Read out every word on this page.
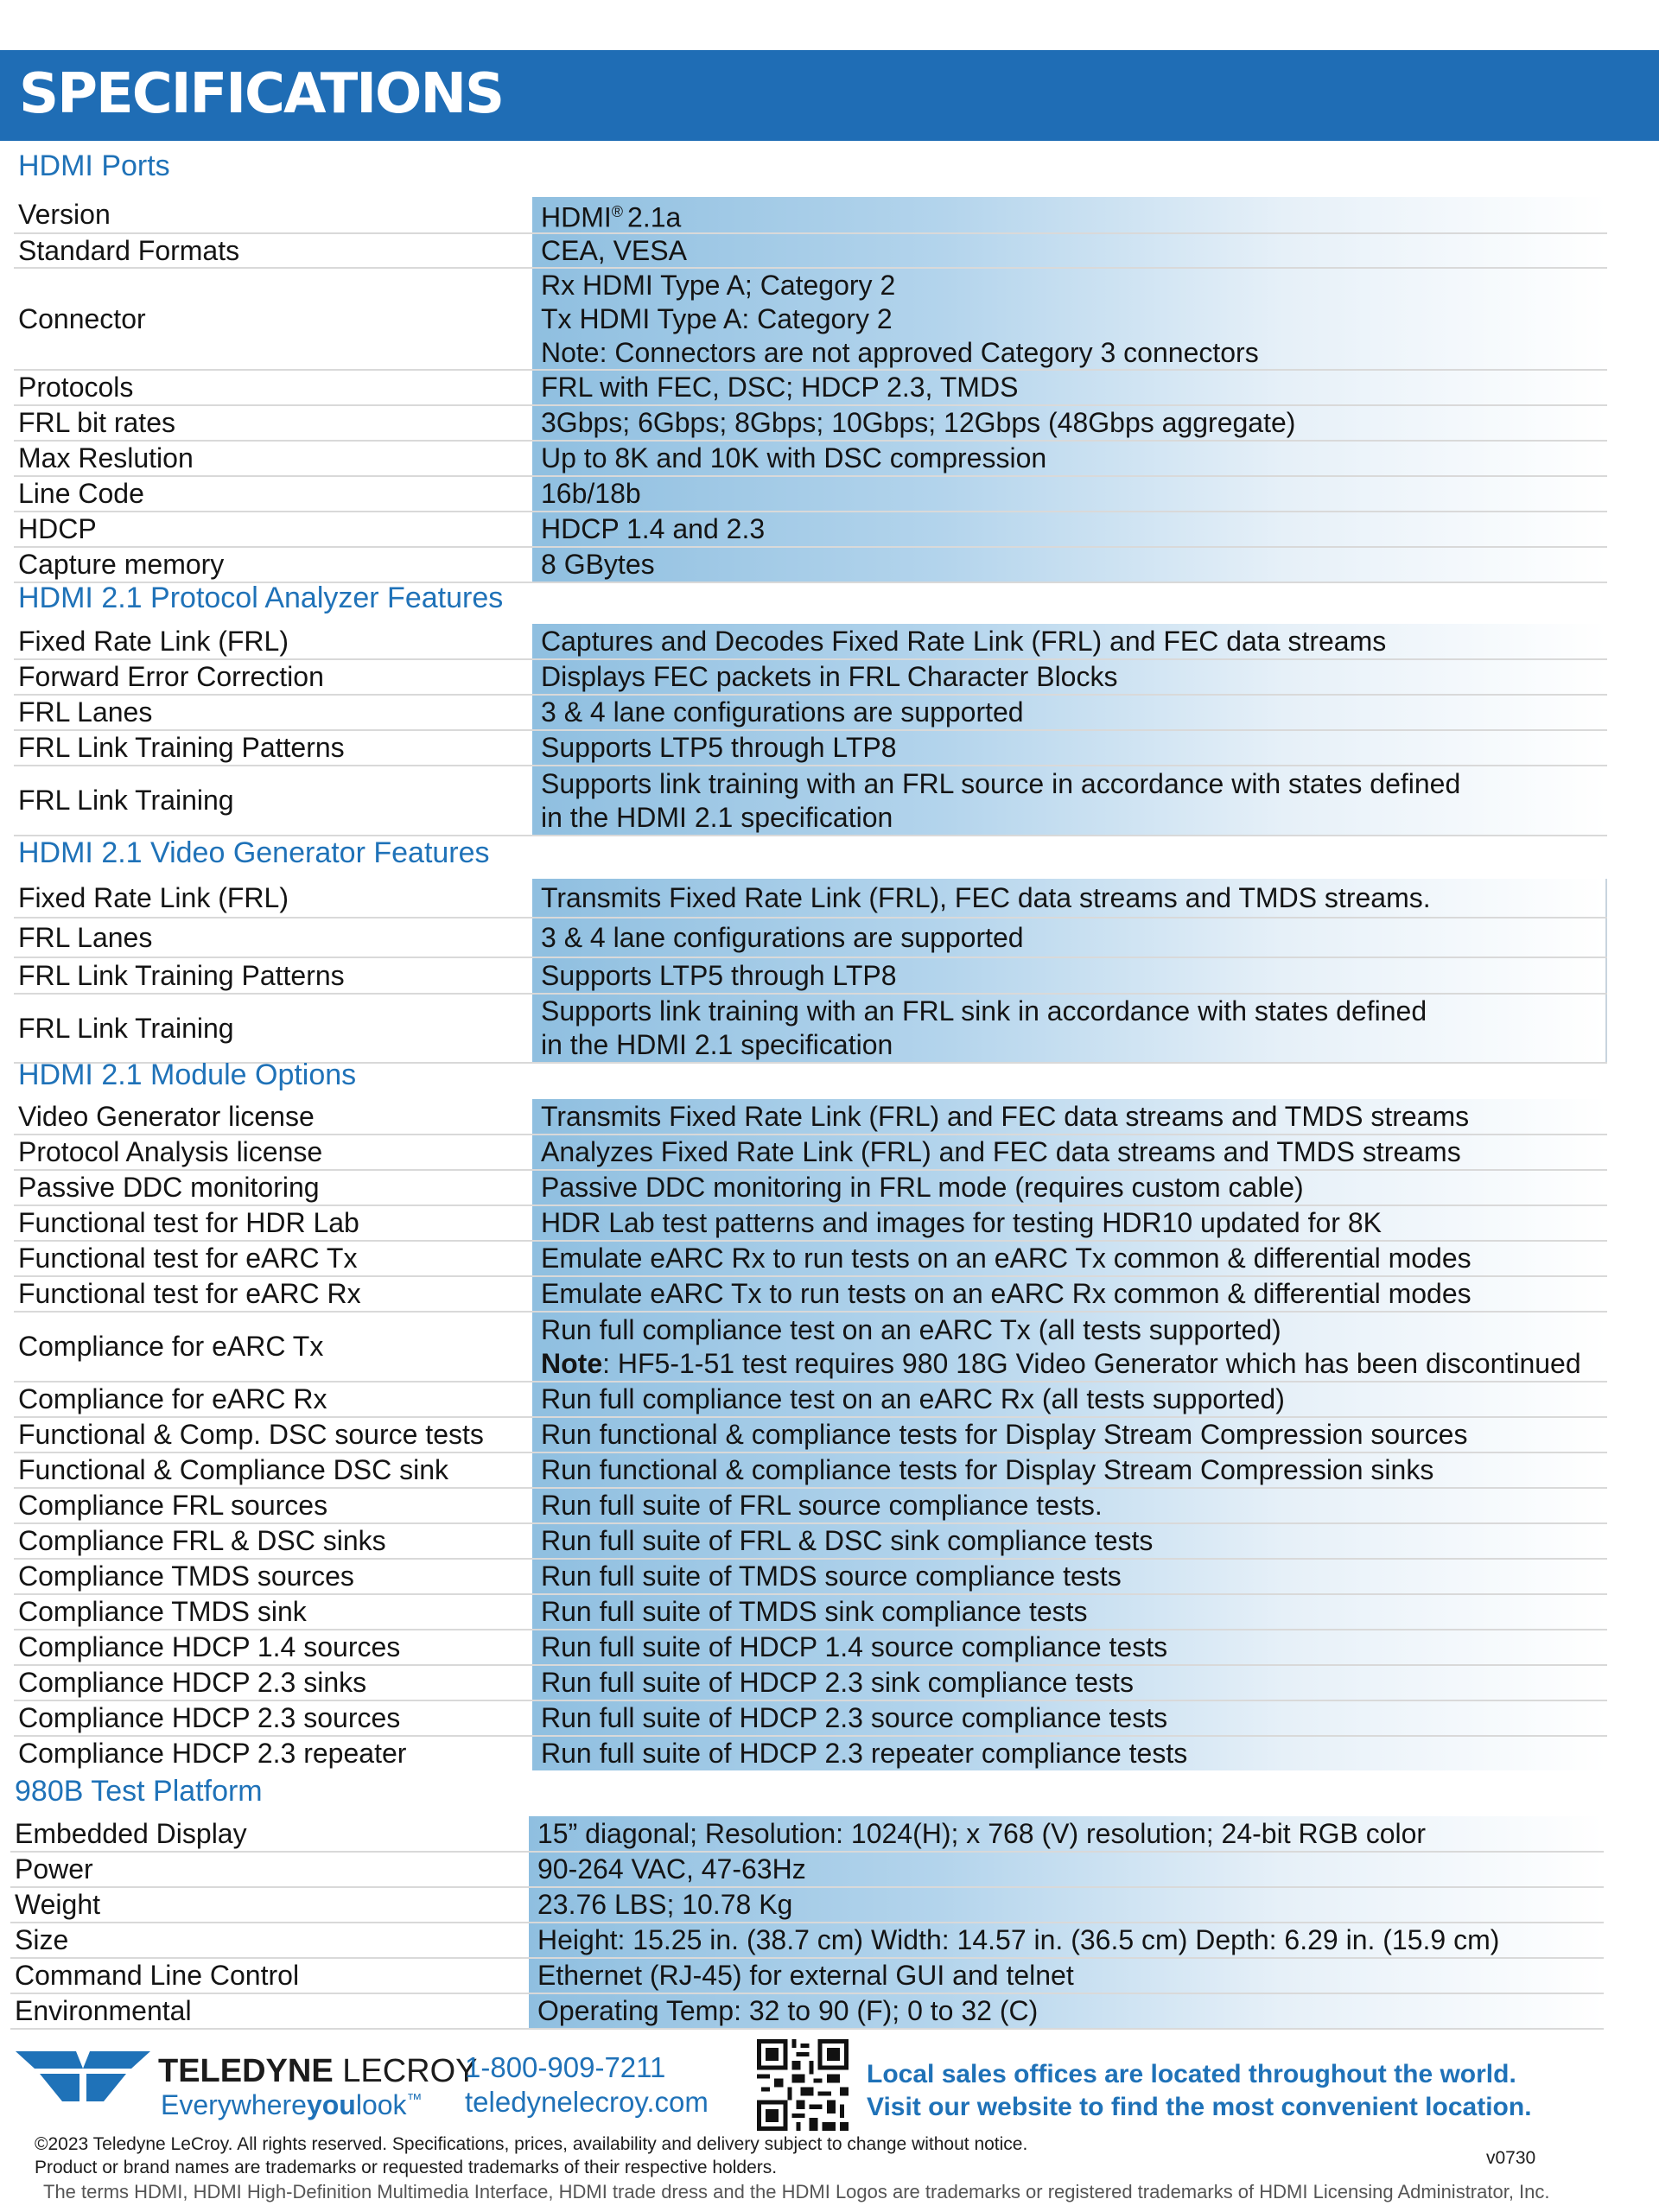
SPECIFICATIONS
HDMI Ports
Version	HDMI® 2.1a
Standard Formats	CEA, VESA
Connector
Rx HDMI Type A; Category 2
Tx HDMI Type A: Category 2
Note: Connectors are not approved Category 3 connectors
Protocols	FRL with FEC, DSC; HDCP 2.3, TMDS
FRL bit rates	3Gbps; 6Gbps; 8Gbps; 10Gbps; 12Gbps (48Gbps aggregate)
Max Reslution	Up to 8K and 10K with DSC compression
Line Code	16b/18b
HDCP	HDCP 1.4 and 2.3
Capture memory	8 GBytes
HDMI 2.1 Protocol Analyzer Features
Fixed Rate Link (FRL)	Captures and Decodes Fixed Rate Link (FRL) and FEC data streams
Forward Error Correction	Displays FEC packets in FRL Character Blocks
FRL Lanes	3 & 4 lane configurations are supported
FRL Link Training Patterns	Supports LTP5 through LTP8
FRL Link Training
Supports link training with an FRL source in accordance with states defined
in the HDMI 2.1 specification
HDMI 2.1 Video Generator Features
Fixed Rate Link (FRL)	Transmits Fixed Rate Link (FRL), FEC data streams and TMDS streams.
FRL Lanes	3 & 4 lane configurations are supported
FRL Link Training Patterns	Supports LTP5 through LTP8
FRL Link Training
Supports link training with an FRL sink in accordance with states defined
in the HDMI 2.1 specification
HDMI 2.1 Module Options
Video Generator license	Transmits Fixed Rate Link (FRL) and FEC data streams and TMDS streams
Protocol Analysis license	Analyzes Fixed Rate Link (FRL) and FEC data streams and TMDS streams
Passive DDC monitoring	Passive DDC monitoring in FRL mode (requires custom cable)
Functional test for HDR Lab	HDR Lab test patterns and images for testing HDR10 updated for 8K
Functional test for eARC Tx	Emulate eARC Rx to run tests on an eARC Tx common & differential modes
Functional test for eARC Rx	Emulate eARC Tx to run tests on an eARC Rx common & differential modes
Compliance for eARC Tx
Run full compliance test on an eARC Tx (all tests supported)
Note: HF5-1-51 test requires 980 18G Video Generator which has been discontinued
Compliance for eARC Rx	Run full compliance test on an eARC Rx (all tests supported)
Functional & Comp. DSC source tests	Run functional & compliance tests for Display Stream Compression sources
Functional & Compliance DSC sink	Run functional & compliance tests for Display Stream Compression sinks
Compliance FRL sources	Run full suite of FRL source compliance tests.
Compliance FRL & DSC sinks	Run full suite of FRL & DSC sink compliance tests
Compliance TMDS sources	Run full suite of TMDS source compliance tests
Compliance TMDS sink	Run full suite of TMDS sink compliance tests
Compliance HDCP 1.4 sources	Run full suite of HDCP 1.4 source compliance tests
Compliance HDCP 2.3 sinks	Run full suite of HDCP 2.3 sink compliance tests
Compliance HDCP 2.3 sources	Run full suite of HDCP 2.3 source compliance tests
Compliance HDCP 2.3 repeater	Run full suite of HDCP 2.3 repeater compliance tests
980B Test Platform
Embedded Display	15” diagonal; Resolution: 1024(H); x 768 (V) resolution; 24-bit RGB color
Power	90-264 VAC, 47-63Hz
Weight	23.76 LBS; 10.78 Kg
Size	Height: 15.25 in. (38.7 cm) Width: 14.57 in. (36.5 cm) Depth: 6.29 in. (15.9 cm)
Command Line Control	Ethernet (RJ-45) for external GUI and telnet
Environmental	Operating Temp: 32 to 90 (F); 0 to 32 (C)
TELEDYNE LECROY
Everywhereyoulook™
1-800-909-7211
teledynelecroy.com
Local sales offices are located throughout the world.
Visit our website to find the most convenient location.
©2023 Teledyne LeCroy. All rights reserved. Specifications, prices, availability and delivery subject to change without notice.
Product or brand names are trademarks or requested trademarks of their respective holders.	v0730
The terms HDMI, HDMI High-Definition Multimedia Interface, HDMI trade dress and the HDMI Logos are trademarks or registered trademarks of HDMI Licensing Administrator, Inc.
